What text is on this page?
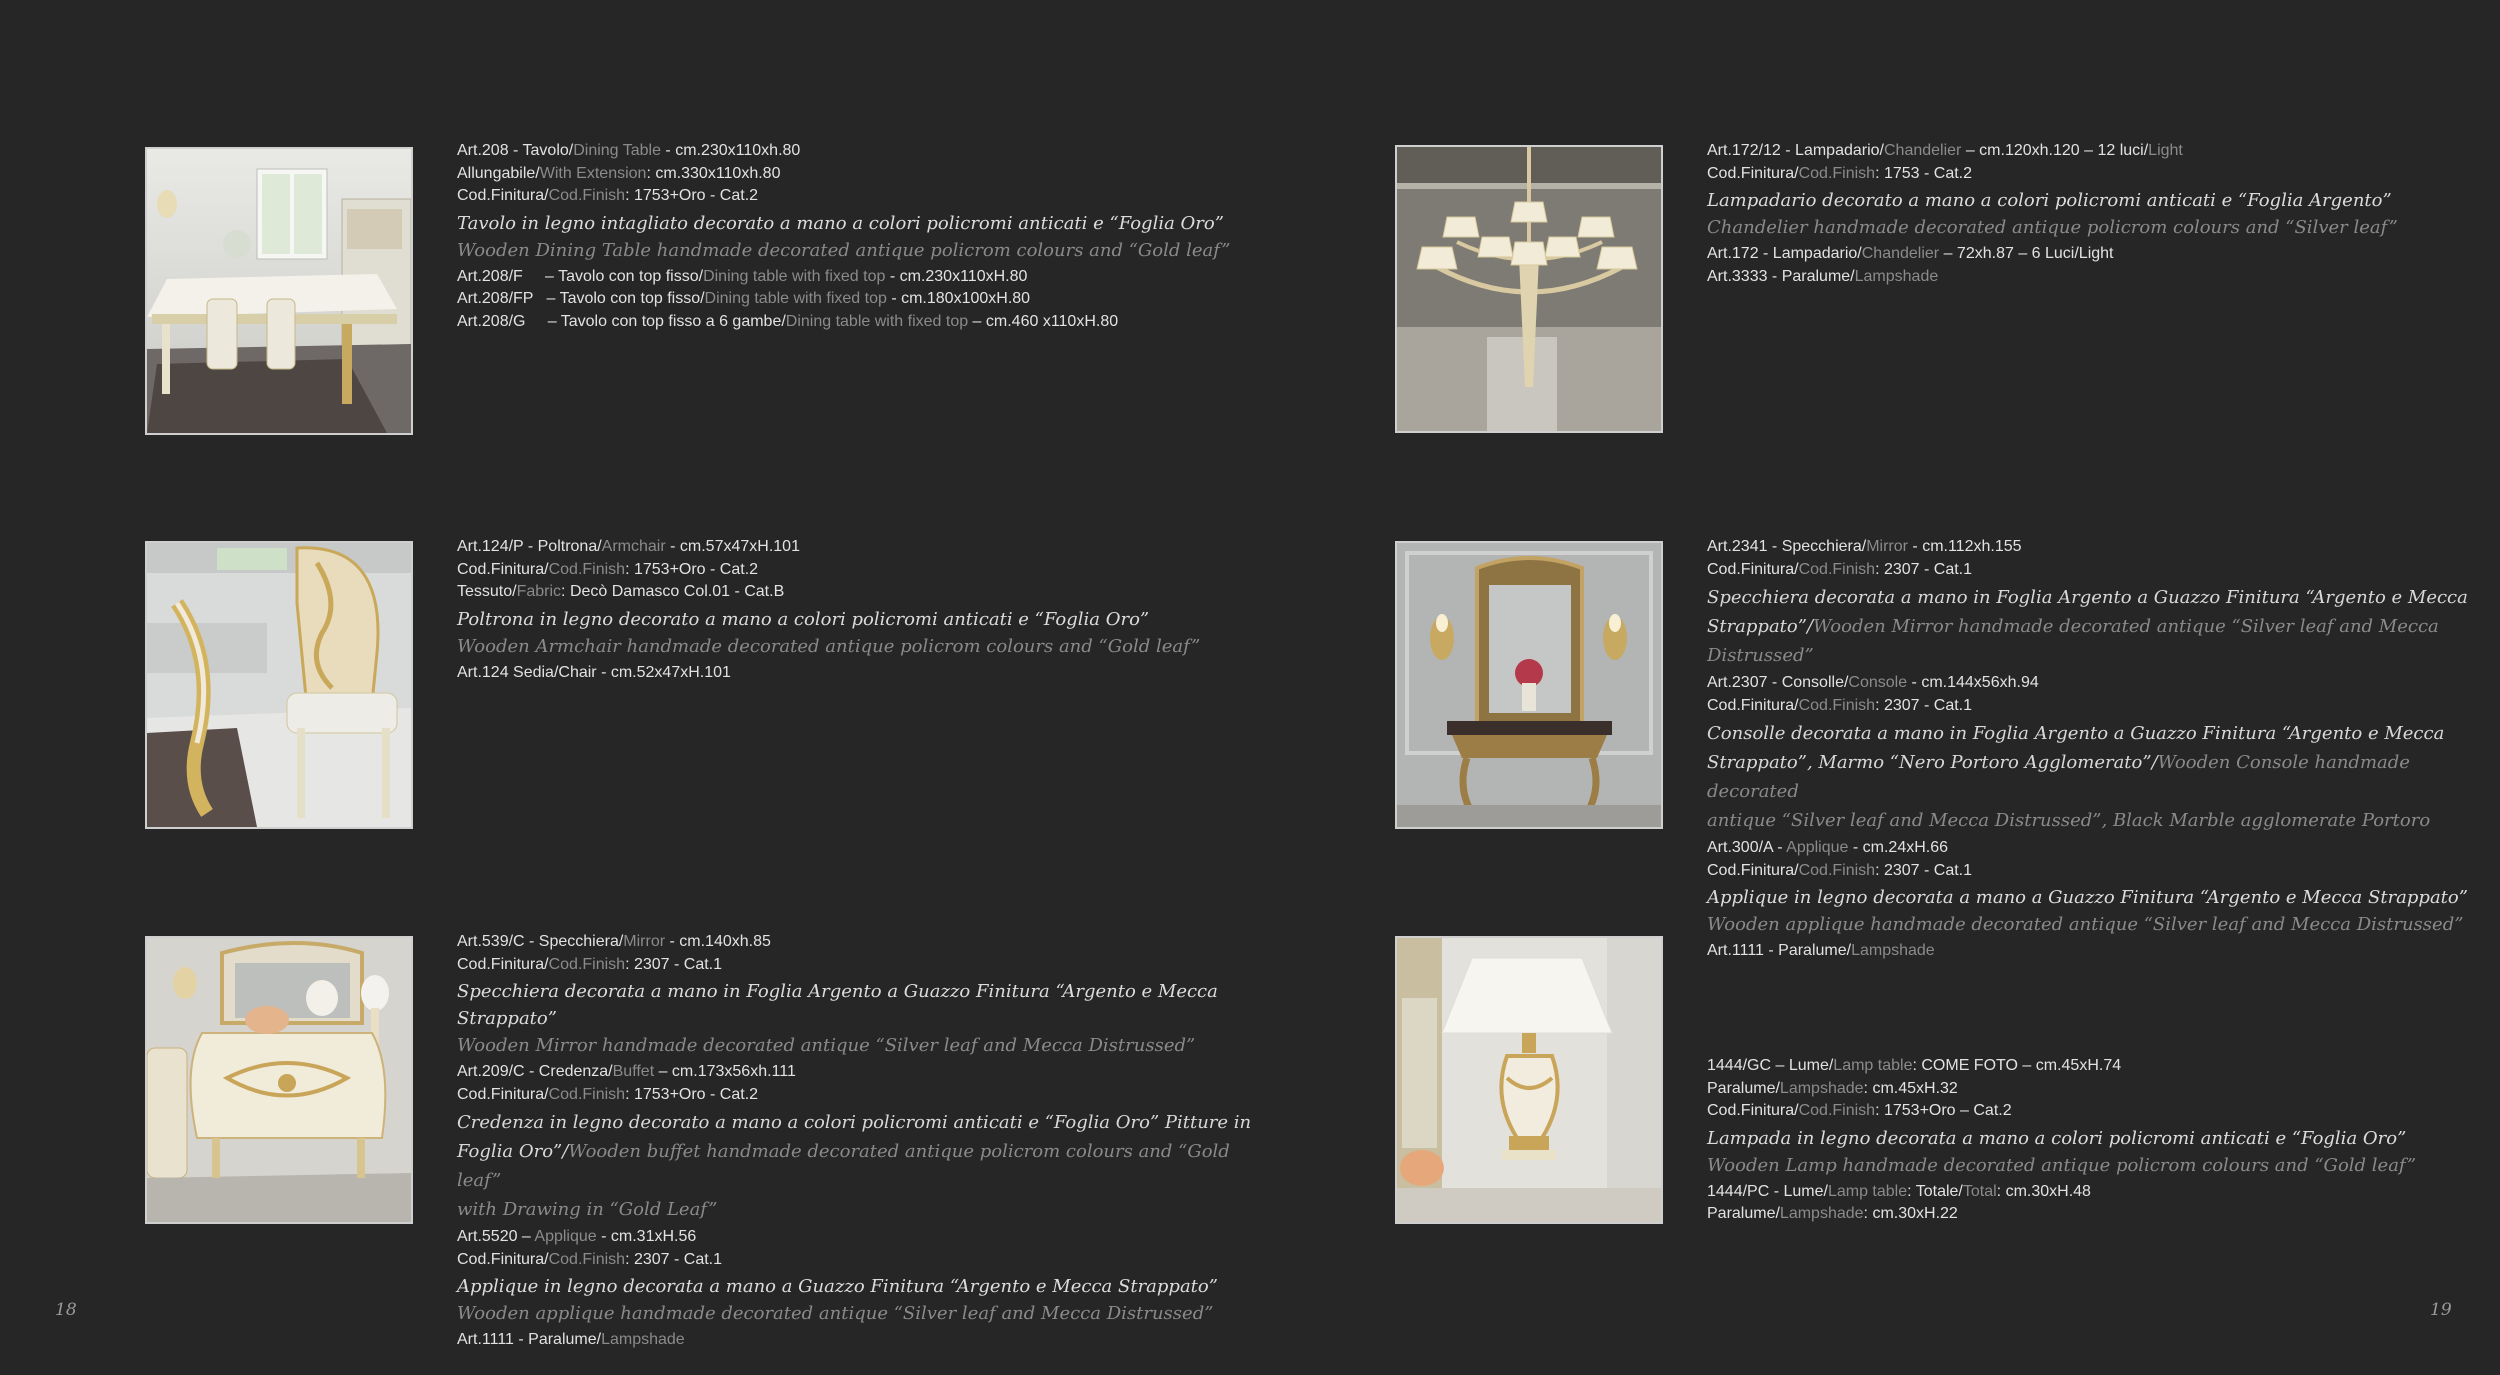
Art.208 - Tavolo/Dining Table - cm.230x110xh.80
Allungabile/With Extension: cm.330x110xh.80
Cod.Finitura/Cod.Finish: 1753+Oro - Cat.2
Tavolo in legno intagliato decorato a mano a colori policromi anticati e “Foglia Oro”
Wooden Dining Table handmade decorated antique policrom colours and “Gold leaf”
Art.208/F     – Tavolo con top fisso/Dining table with fixed top - cm.230x110xH.80
Art.208/FP   – Tavolo con top fisso/Dining table with fixed top - cm.180x100xH.80
Art.208/G     – Tavolo con top fisso a 6 gambe/Dining table with fixed top – cm.460 x110xH.80
Art.124/P - Poltrona/Armchair - cm.57x47xH.101
Cod.Finitura/Cod.Finish: 1753+Oro - Cat.2
Tessuto/Fabric: Decò Damasco Col.01 - Cat.B
Poltrona in legno decorato a mano a colori policromi anticati e “Foglia Oro”
Wooden Armchair handmade decorated antique policrom colours and “Gold leaf”
Art.124 Sedia/Chair - cm.52x47xH.101
Art.539/C - Specchiera/Mirror - cm.140xh.85
Cod.Finitura/Cod.Finish: 2307 - Cat.1
Specchiera decorata a mano in Foglia Argento a Guazzo Finitura “Argento e Mecca Strappato”
Wooden Mirror handmade decorated antique “Silver leaf and Mecca Distrussed”
Art.209/C - Credenza/Buffet – cm.173x56xh.111
Cod.Finitura/Cod.Finish: 1753+Oro - Cat.2
Credenza in legno decorato a mano a colori policromi anticati e “Foglia Oro” Pitture in
Foglia Oro”/Wooden buffet handmade decorated antique policrom colours and “Gold leaf”
with Drawing in “Gold Leaf”
Art.5520 – Applique - cm.31xH.56
Cod.Finitura/Cod.Finish: 2307 - Cat.1
Applique in legno decorata a mano a Guazzo Finitura “Argento e Mecca Strappato”
Wooden applique handmade decorated antique “Silver leaf and Mecca Distrussed”
Art.1111 - Paralume/Lampshade
18
Art.172/12 - Lampadario/Chandelier – cm.120xh.120 – 12 luci/Light
Cod.Finitura/Cod.Finish: 1753 - Cat.2
Lampadario decorato a mano a colori policromi anticati e “Foglia Argento”
Chandelier handmade decorated antique policrom colours and “Silver leaf”
Art.172 - Lampadario/Chandelier – 72xh.87 – 6 Luci/Light
Art.3333 - Paralume/Lampshade
Art.2341 - Specchiera/Mirror - cm.112xh.155
Cod.Finitura/Cod.Finish: 2307 - Cat.1
Specchiera decorata a mano in Foglia Argento a Guazzo Finitura “Argento e Mecca
Strappato”/Wooden Mirror handmade decorated antique “Silver leaf and Mecca Distrussed”
Art.2307 - Consolle/Console - cm.144x56xh.94
Cod.Finitura/Cod.Finish: 2307 - Cat.1
Consolle decorata a mano in Foglia Argento a Guazzo Finitura “Argento e Mecca
Strappato”, Marmo “Nero Portoro Agglomerato”/Wooden Console handmade decorated
antique “Silver leaf and Mecca Distrussed”, Black Marble agglomerate Portoro
Art.300/A - Applique - cm.24xH.66
Cod.Finitura/Cod.Finish: 2307 - Cat.1
Applique in legno decorata a mano a Guazzo Finitura “Argento e Mecca Strappato”
Wooden applique handmade decorated antique “Silver leaf and Mecca Distrussed”
Art.1111 - Paralume/Lampshade
1444/GC – Lume/Lamp table: COME FOTO – cm.45xH.74
Paralume/Lampshade: cm.45xH.32
Cod.Finitura/Cod.Finish: 1753+Oro – Cat.2
Lampada in legno decorata a mano a colori policromi anticati e “Foglia Oro”
Wooden Lamp handmade decorated antique policrom colours and “Gold leaf”
1444/PC - Lume/Lamp table: Totale/Total: cm.30xH.48
Paralume/Lampshade: cm.30xH.22
19
